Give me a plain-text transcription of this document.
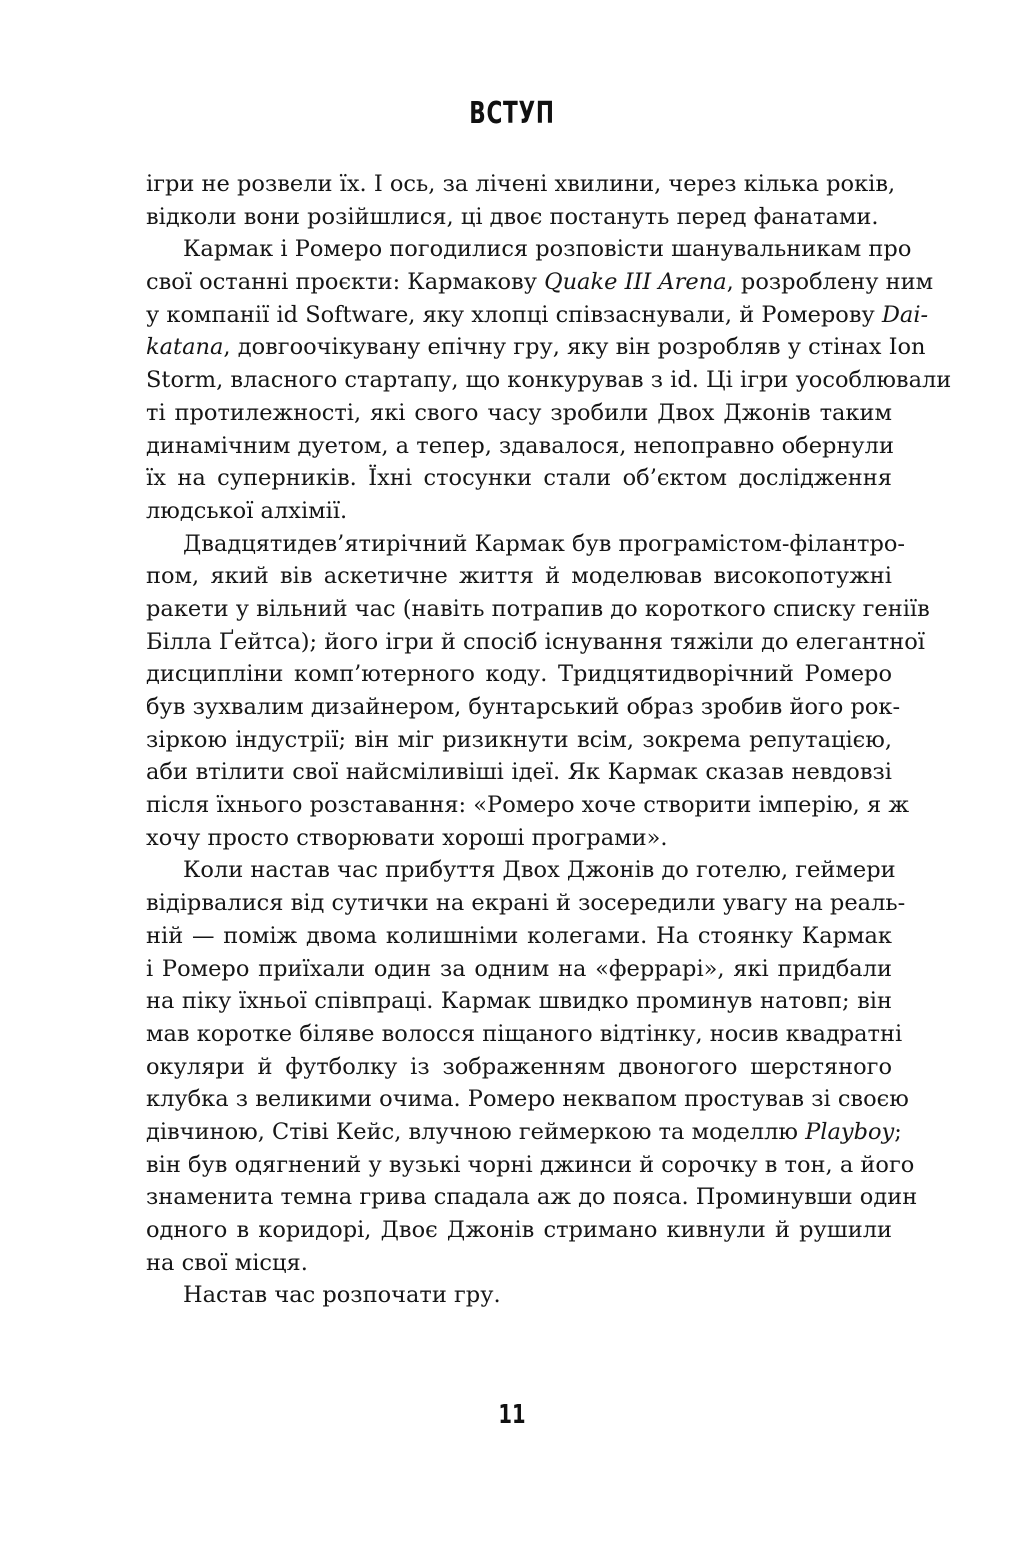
ВСТУП
ігри не розвели їх. І ось, за лічені хвилини, через кілька років,
відколи вони розійшлися, ці двоє постануть перед фанатами.
Кармак і Ромеро погодилися розповісти шанувальникам про
свої останні проєкти: Кармакову Quake III Arena, розроблену ним
у компанії id Software, яку хлопці співзаснували, й Ромерову Dai-
katana, довгоочікувану епічну гру, яку він розробляв у стінах Ion
Storm, власного стартапу, що конкурував з id. Ці ігри уособлювали
ті протилежності, які свого часу зробили Двох Джонів таким
динамічним дуетом, а тепер, здавалося, непоправно обернули
їх на суперників. Їхні стосунки стали об’єктом дослідження
людської алхімії.
Двадцятидев’ятирічний Кармак був програмістом-філантро-
пом, який вів аскетичне життя й моделював високопотужні
ракети у вільний час (навіть потрапив до короткого списку геніїв
Білла Ґейтса); його ігри й спосіб існування тяжіли до елегантної
дисципліни комп’ютерного коду. Тридцятидворічний Ромеро
був зухвалим дизайнером, бунтарський образ зробив його рок-
зіркою індустрії; він міг ризикнути всім, зокрема репутацією,
аби втілити свої найсміливіші ідеї. Як Кармак сказав невдовзі
після їхнього розставання: «Ромеро хоче створити імперію, я ж
хочу просто створювати хороші програми».
Коли настав час прибуття Двох Джонів до готелю, геймери
відірвалися від сутички на екрані й зосередили увагу на реаль-
ній — поміж двома колишніми колегами. На стоянку Кармак
і Ромеро приїхали один за одним на «феррарі», які придбали
на піку їхньої співпраці. Кармак швидко проминув натовп; він
мав коротке біляве волосся піщаного відтінку, носив квадратні
окуляри й футболку із зображенням двоногого шерстяного
клубка з великими очима. Ромеро неквапом простував зі своєю
дівчиною, Стіві Кейс, влучною геймеркою та моделлю Playboy;
він був одягнений у вузькі чорні джинси й сорочку в тон, а його
знаменита темна грива спадала аж до пояса. Проминувши один
одного в коридорі, Двоє Джонів стримано кивнули й рушили
на свої місця.
Настав час розпочати гру.
11
